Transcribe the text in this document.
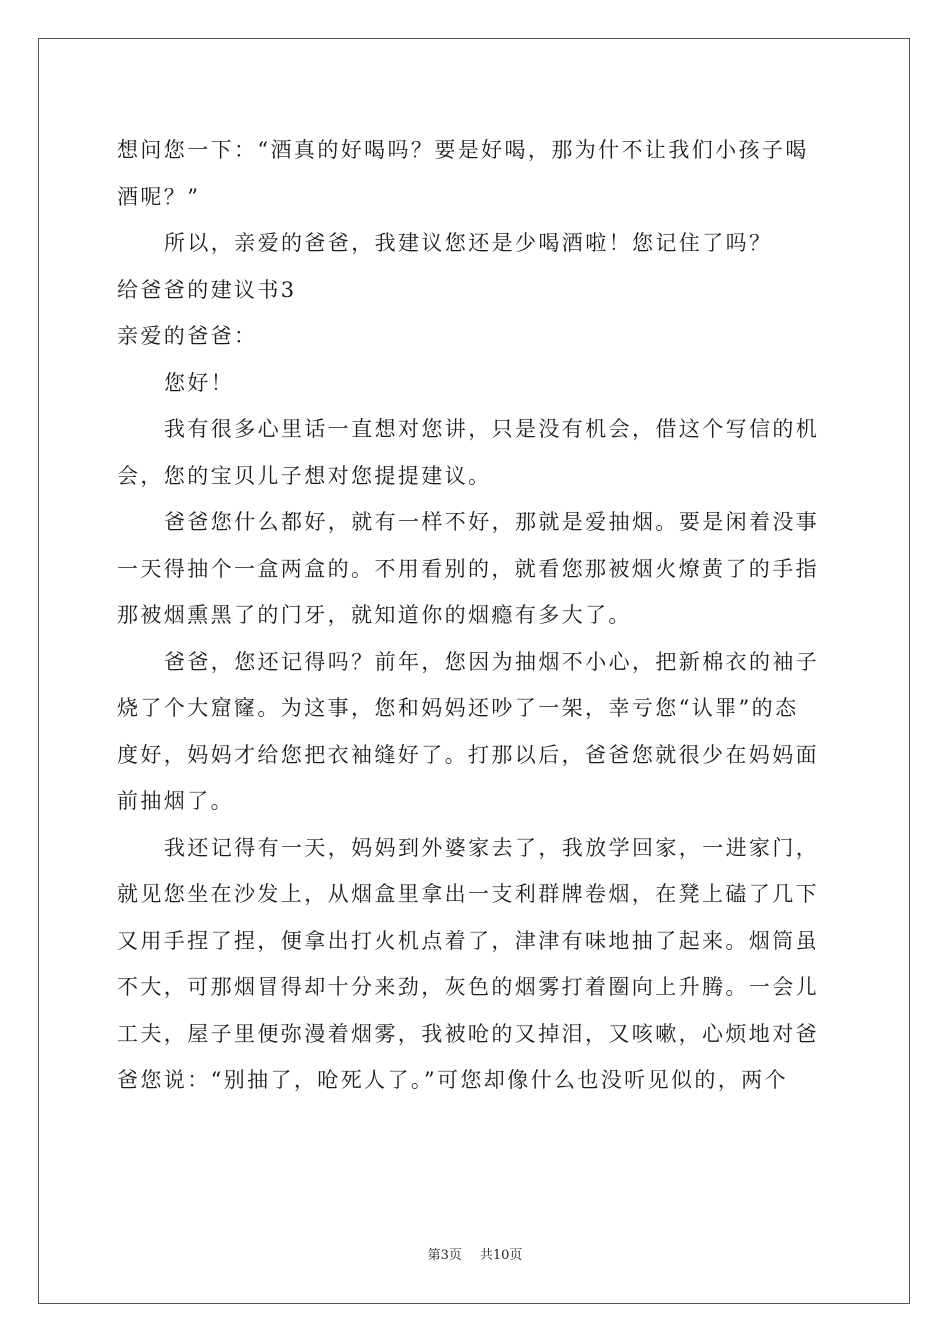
想问您一下：“酒真的好喝吗？要是好喝，那为什不让我们小孩子喝
酒呢？”
所以，亲爱的爸爸，我建议您还是少喝酒啦！您记住了吗？
给爸爸的建议书3
亲爱的爸爸：
您好！
我有很多心里话一直想对您讲，只是没有机会，借这个写信的机
会，您的宝贝儿子想对您提提建议。
爸爸您什么都好，就有一样不好，那就是爱抽烟。要是闲着没事
一天得抽个一盒两盒的。不用看别的，就看您那被烟火燎黄了的手指
那被烟熏黑了的门牙，就知道你的烟瘾有多大了。
爸爸，您还记得吗？前年，您因为抽烟不小心，把新棉衣的袖子
烧了个大窟窿。为这事，您和妈妈还吵了一架，幸亏您“认罪”的态
度好，妈妈才给您把衣袖缝好了。打那以后，爸爸您就很少在妈妈面
前抽烟了。
我还记得有一天，妈妈到外婆家去了，我放学回家，一进家门，
就见您坐在沙发上，从烟盒里拿出一支利群牌卷烟，在凳上磕了几下
又用手捏了捏，便拿出打火机点着了，津津有味地抽了起来。烟筒虽
不大，可那烟冒得却十分来劲，灰色的烟雾打着圈向上升腾。一会儿
工夫，屋子里便弥漫着烟雾，我被呛的又掉泪，又咳嗽，心烦地对爸
爸您说：“别抽了，呛死人了。”可您却像什么也没听见似的，两个
第3页 共10页
